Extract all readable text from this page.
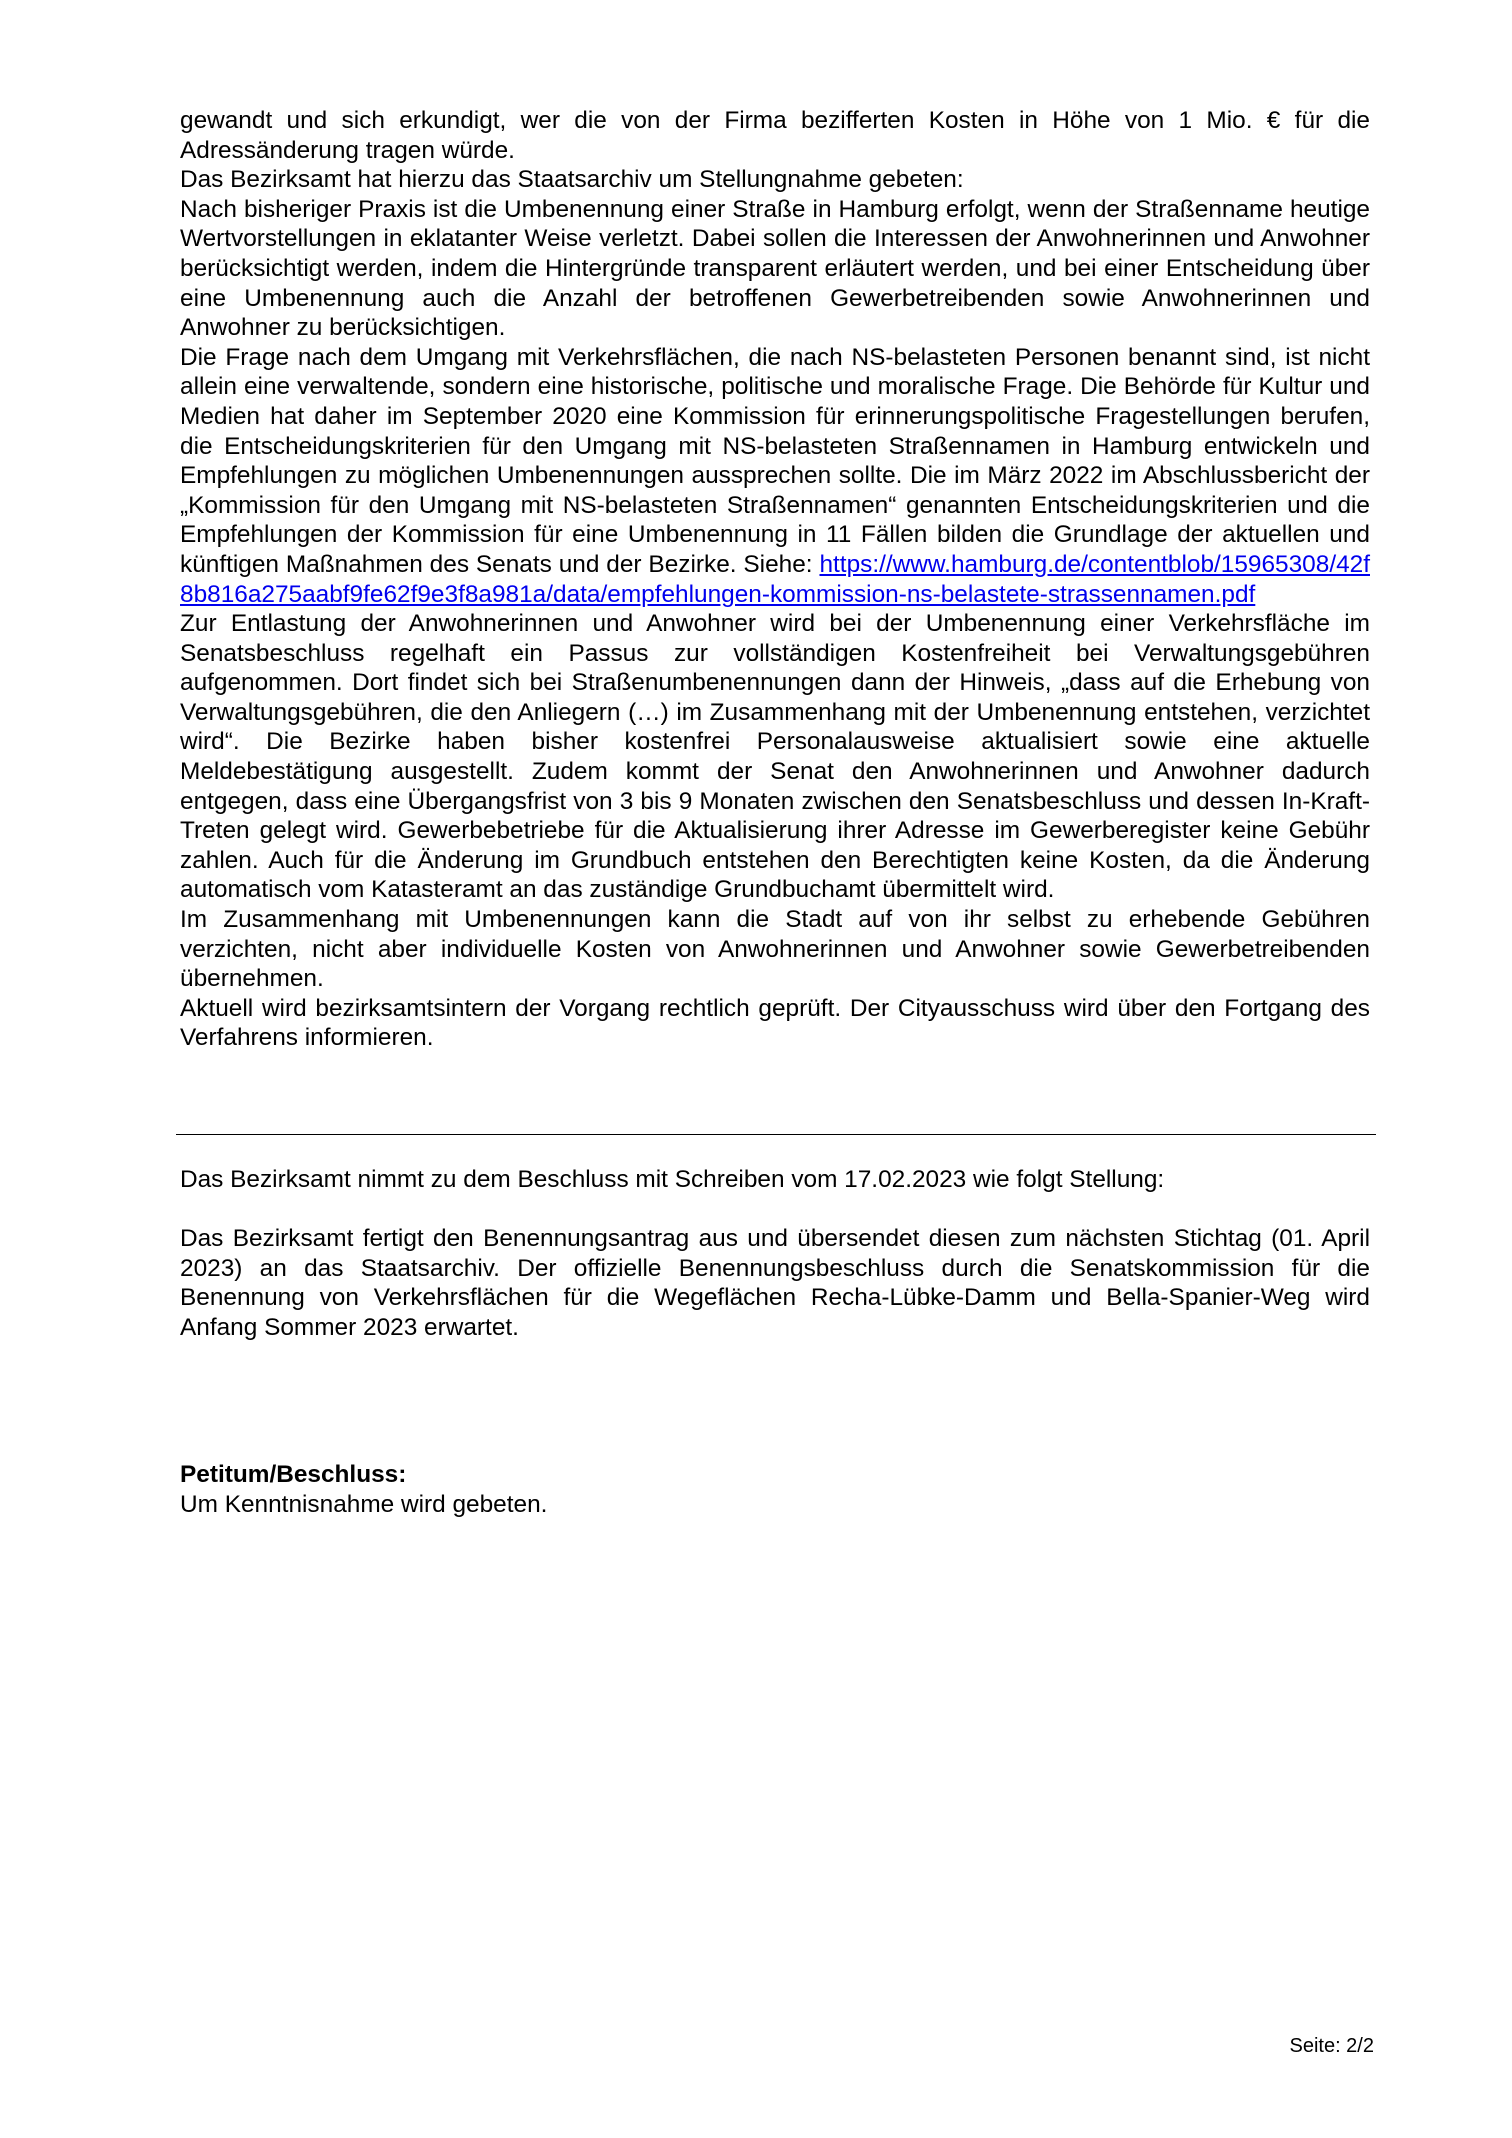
gewandt und sich erkundigt, wer die von der Firma bezifferten Kosten in Höhe von 1 Mio. € für die Adressänderung tragen würde.

Das Bezirksamt hat hierzu das Staatsarchiv um Stellungnahme gebeten:

Nach bisheriger Praxis ist die Umbenennung einer Straße in Hamburg erfolgt, wenn der Straßenname heutige Wertvorstellungen in eklatanter Weise verletzt. Dabei sollen die Interessen der Anwohnerinnen und Anwohner berücksichtigt werden, indem die Hintergründe transparent erläutert werden, und bei einer Entscheidung über eine Umbenennung auch die Anzahl der betroffenen Gewerbetreibenden sowie Anwohnerinnen und Anwohner zu berücksichtigen.

Die Frage nach dem Umgang mit Verkehrsflächen, die nach NS-belasteten Personen benannt sind, ist nicht allein eine verwaltende, sondern eine historische, politische und moralische Frage. Die Behörde für Kultur und Medien hat daher im September 2020 eine Kommission für erinnerungspolitische Fragestellungen berufen, die Entscheidungskriterien für den Umgang mit NS-belasteten Straßennamen in Hamburg entwickeln und Empfehlungen zu möglichen Umbenennungen aussprechen sollte. Die im März 2022 im Abschlussbericht der „Kommission für den Umgang mit NS-belasteten Straßennamen“ genannten Entscheidungskriterien und die Empfehlungen der Kommission für eine Umbenennung in 11 Fällen bilden die Grundlage der aktuellen und künftigen Maßnahmen des Senats und der Bezirke. Siehe: https://www.hamburg.de/contentblob/15965308/42f8b816a275aabf9fe62f9e3f8a981a/data/empfehlungen-kommission-ns-belastete-strassennamen.pdf

Zur Entlastung der Anwohnerinnen und Anwohner wird bei der Umbenennung einer Verkehrsfläche im Senatsbeschluss regelhaft ein Passus zur vollständigen Kostenfreiheit bei Verwaltungsgebühren aufgenommen. Dort findet sich bei Straßenumbenennungen dann der Hinweis, „dass auf die Erhebung von Verwaltungsgebühren, die den Anliegern (…) im Zusammenhang mit der Umbenennung entstehen, verzichtet wird“. Die Bezirke haben bisher kostenfrei Personalausweise aktualisiert sowie eine aktuelle Meldebestätigung ausgestellt. Zudem kommt der Senat den Anwohnerinnen und Anwohner dadurch entgegen, dass eine Übergangsfrist von 3 bis 9 Monaten zwischen den Senatsbeschluss und dessen In-Kraft-Treten gelegt wird. Gewerbebetriebe für die Aktualisierung ihrer Adresse im Gewerberegister keine Gebühr zahlen. Auch für die Änderung im Grundbuch entstehen den Berechtigten keine Kosten, da die Änderung automatisch vom Katasteramt an das zuständige Grundbuchamt übermittelt wird.

Im Zusammenhang mit Umbenennungen kann die Stadt auf von ihr selbst zu erhebende Gebühren verzichten, nicht aber individuelle Kosten von Anwohnerinnen und Anwohner sowie Gewerbetreibenden übernehmen.

Aktuell wird bezirksamtsintern der Vorgang rechtlich geprüft. Der Cityausschuss wird über den Fortgang des Verfahrens informieren.

Das Bezirksamt nimmt zu dem Beschluss mit Schreiben vom 17.02.2023 wie folgt Stellung:

Das Bezirksamt fertigt den Benennungsantrag aus und übersendet diesen zum nächsten Stichtag (01. April 2023) an das Staatsarchiv. Der offizielle Benennungsbeschluss durch die Senatskommission für die Benennung von Verkehrsflächen für die Wegeflächen Recha-Lübke-Damm und Bella-Spanier-Weg wird Anfang Sommer 2023 erwartet.

Petitum/Beschluss:

Um Kenntnisnahme wird gebeten.

Seite: 2/2
